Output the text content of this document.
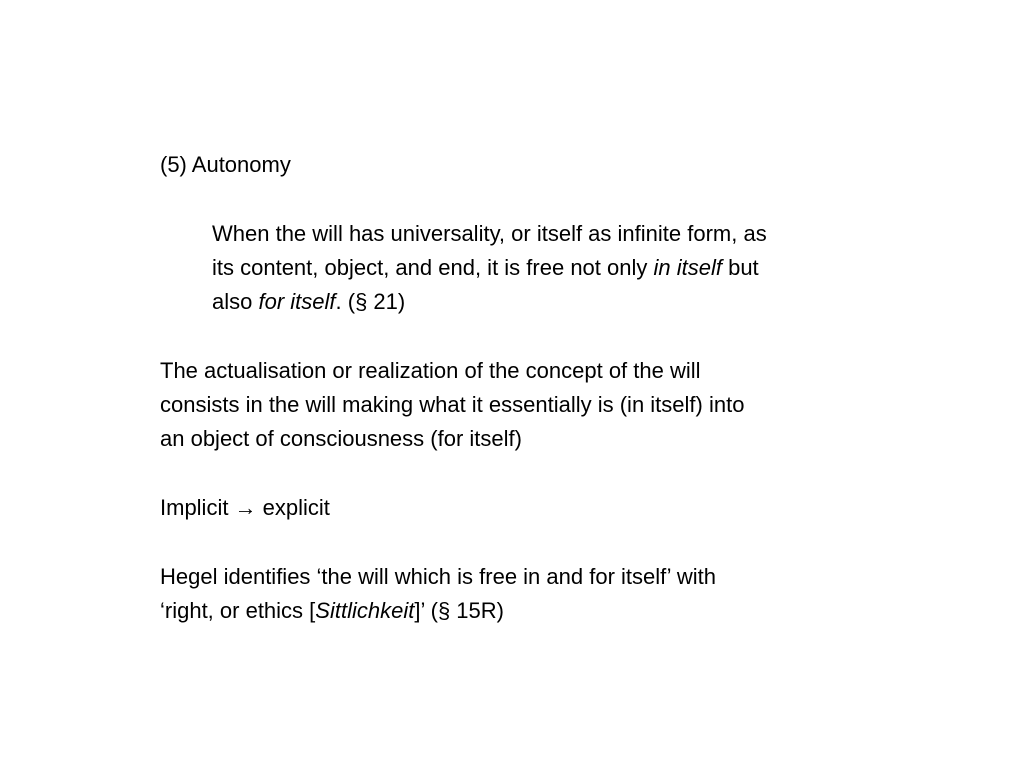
(5) Autonomy
When the will has universality, or itself as infinite form, as
its content, object, and end, it is free not only in itself but
also for itself. (§ 21)
The actualisation or realization of the concept of the will
consists in the will making what it essentially is (in itself) into
an object of consciousness (for itself)
Implicit → explicit
Hegel identifies ‘the will which is free in and for itself’ with
‘right, or ethics [Sittlichkeit]’ (§ 15R)
